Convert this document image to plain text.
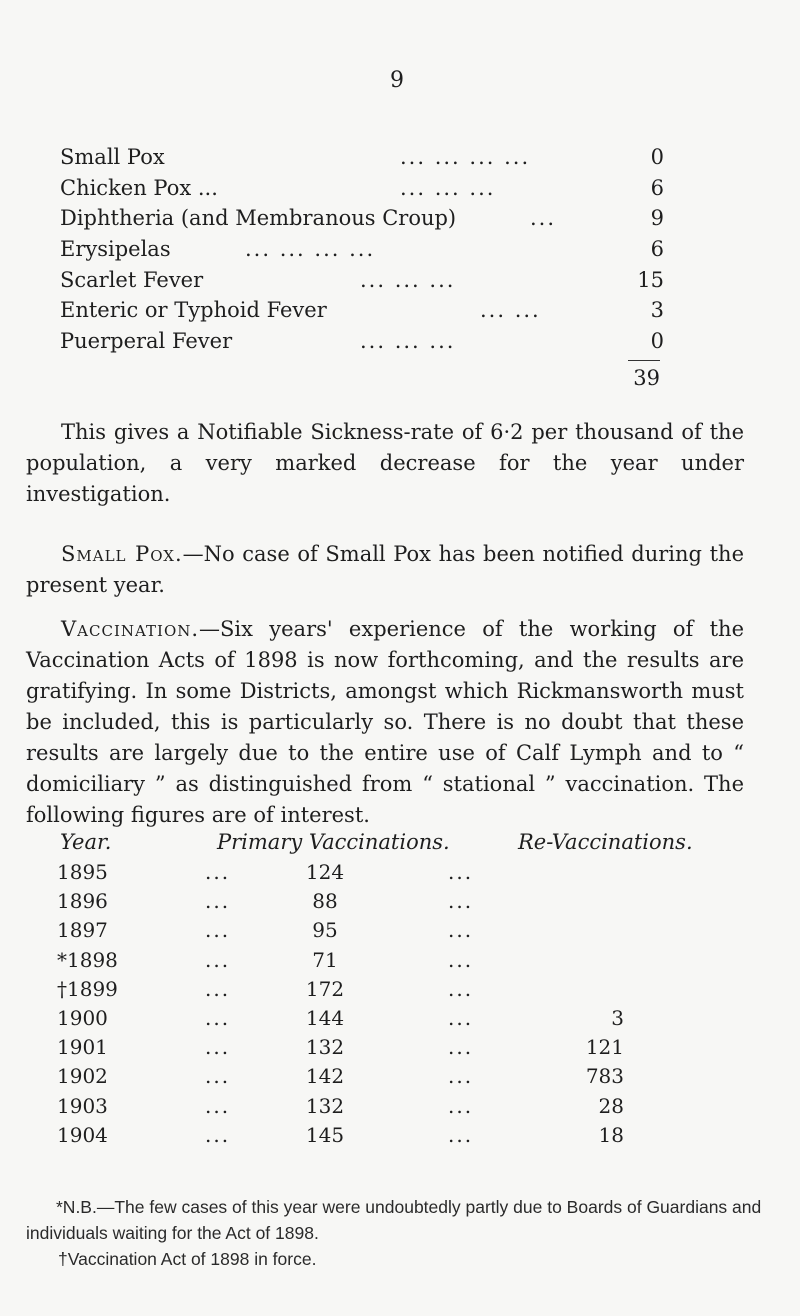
9
Small Pox	... ... ... ...	0
Chicken Pox ...	... ... ...	6
Diphtheria (and Membranous Croup)	...	9
Erysipelas	... ... ... ...	6
Scarlet Fever	... ... ...	15
Enteric or Typhoid Fever	... ...	3
Puerperal Fever	... ... ...	0
39

This gives a Notifiable Sickness-rate of 6·2 per thousand of the population, a very marked decrease for the year under investigation.

Small Pox.—No case of Small Pox has been notified during the present year.

Vaccination.—Six years' experience of the working of the Vaccination Acts of 1898 is now forthcoming, and the results are gratifying. In some Districts, amongst which Rickmansworth must be included, this is particularly so. There is no doubt that these results are largely due to the entire use of Calf Lymph and to “ domiciliary ” as distinguished from “ stational ” vaccination. The following figures are of interest.

Year.	Primary Vaccinations.	Re-Vaccinations.
1895	...	124	...
1896	...	88	...
1897	...	95	...
*1898	...	71	...
†1899	...	172	...
1900	...	144	...	3
1901	...	132	...	121
1902	...	142	...	783
1903	...	132	...	28
1904	...	145	...	18

*N.B.—The few cases of this year were undoubtedly partly due to Boards of Guardians and individuals waiting for the Act of 1898.

†Vaccination Act of 1898 in force.
